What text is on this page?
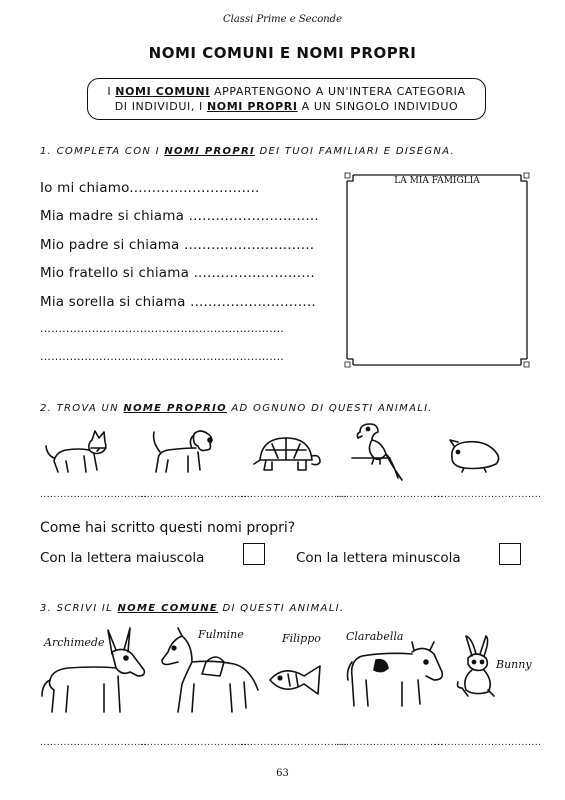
Classi Prime e Seconde
NOMI COMUNI E NOMI PROPRI
I NOMI COMUNI APPARTENGONO A UN'INTERA CATEGORIA
DI INDIVIDUI, I NOMI PROPRI A UN SINGOLO INDIVIDUO
1. COMPLETA CON I NOMI PROPRI DEI TUOI FAMILIARI E DISEGNA.
Io mi chiamo.............................
Mia madre si chiama .............................
Mio padre si chiama .............................
Mio fratello si chiama ...........................
Mia sorella si chiama ............................
..................................................................
..................................................................
LA MIA FAMIGLIA
2. TROVA UN NOME PROPRIO AD OGNUNO DI QUESTI ANIMALI.
................................
................................
................................
................................
................................
Come hai scritto questi nomi propri?
Con la lettera maiuscola	Con la lettera minuscola
3. SCRIVI IL NOME COMUNE DI QUESTI ANIMALI.
Archimede
Fulmine	Filippo Clarabella
Bunny
................................
................................
................................
................................
................................
63
